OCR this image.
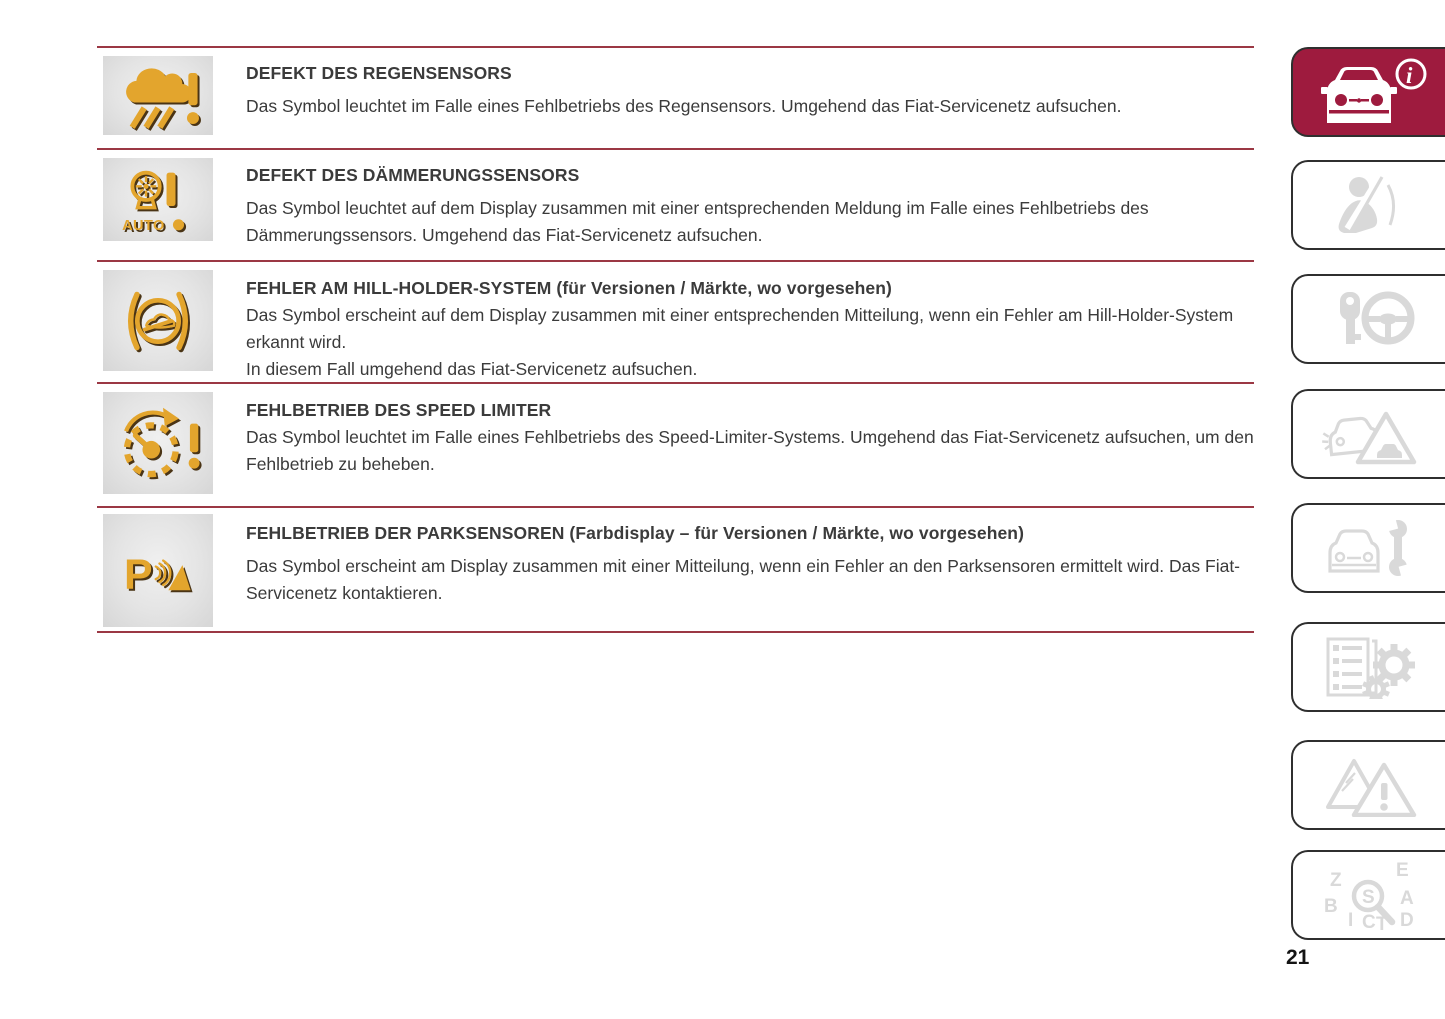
DEFEKT DES REGENSENSORS

Das Symbol leuchtet im Falle eines Fehlbetriebs des Regensensors. Umgehend das Fiat-Servicenetz aufsuchen.

AUTO
DEFEKT DES DÄMMERUNGSSENSORS

Das Symbol leuchtet auf dem Display zusammen mit einer entsprechenden Meldung im Falle eines Fehlbetriebs des Dämmerungssensors. Umgehend das Fiat-Servicenetz aufsuchen.

FEHLER AM HILL-HOLDER-SYSTEM (für Versionen / Märkte, wo vorgesehen)

Das Symbol erscheint auf dem Display zusammen mit einer entsprechenden Mitteilung, wenn ein Fehler am Hill-Holder-System erkannt wird.

In diesem Fall umgehend das Fiat-Servicenetz aufsuchen.

FEHLBETRIEB DES SPEED LIMITER

Das Symbol leuchtet im Falle eines Fehlbetriebs des Speed-Limiter-Systems. Umgehend das Fiat-Servicenetz aufsuchen, um den Fehlbetrieb zu beheben.

P
FEHLBETRIEB DER PARKSENSOREN (Farbdisplay – für Versionen / Märkte, wo vorgesehen)

Das Symbol erscheint am Display zusammen mit einer Mitteilung, wenn ein Fehler an den Parksensoren ermittelt wird. Das Fiat-Servicenetz kontaktieren.

i
Z	E
B	A
I C T D
S
21
